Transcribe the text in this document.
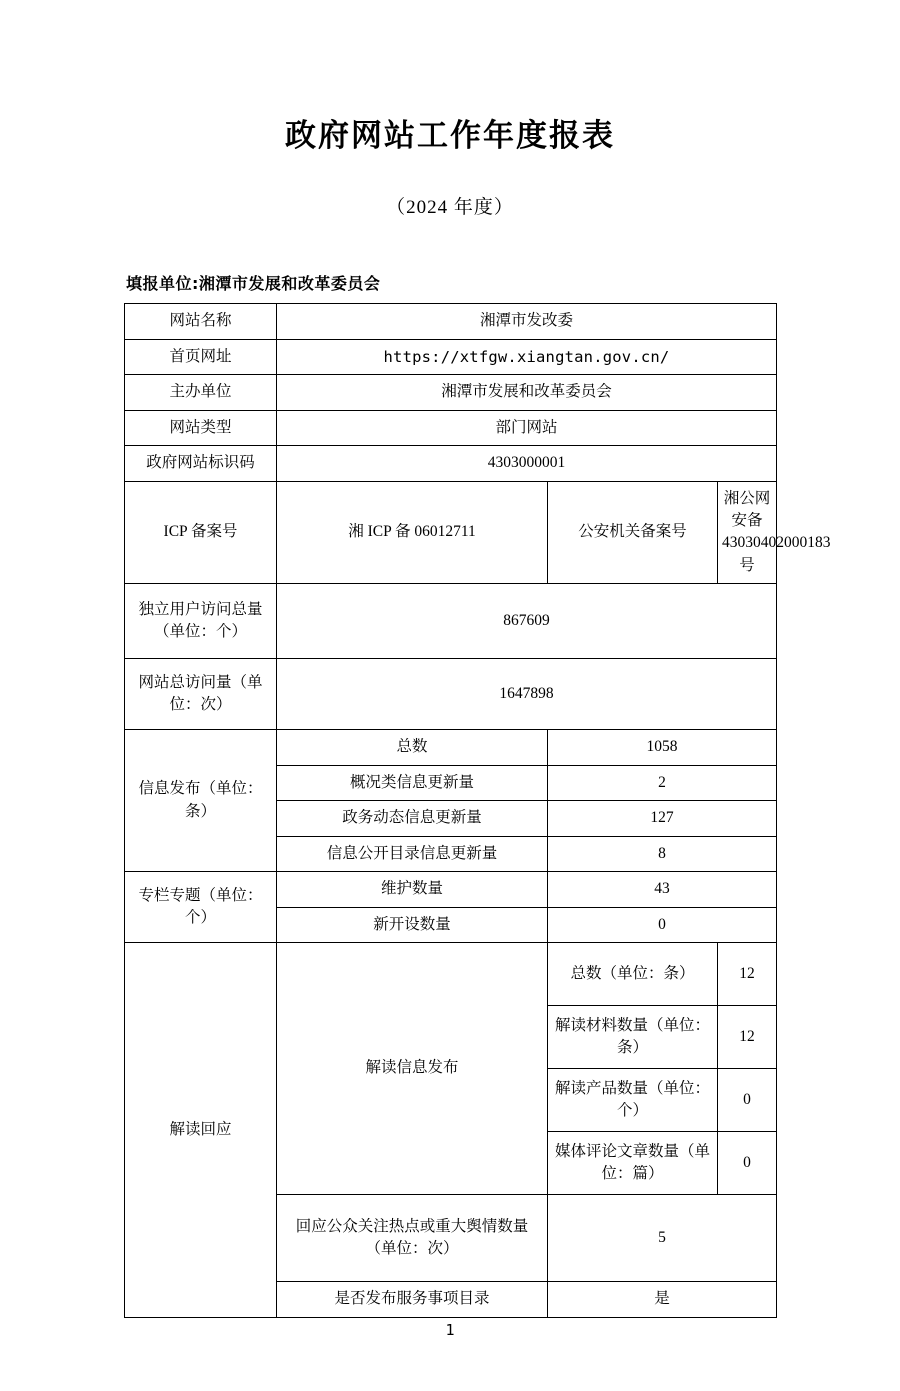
政府网站工作年度报表
（2024 年度）
填报单位:湘潭市发展和改革委员会
网站名称	湘潭市发改委		
首页网址	https://xtfgw.xiangtan.gov.cn/		
主办单位	湘潭市发展和改革委员会		
网站类型	部门网站		
政府网站标识码	4303000001		
ICP 备案号	湘 ICP 备 06012711	公安机关备案号	湘公网安备 43030402000183 号
独立用户访问总量（单位：个）	867609		
网站总访问量（单位：次）	1647898		
信息发布（单位：条）	总数	1058	
	概况类信息更新量	2	
	政务动态信息更新量	127	
	信息公开目录信息更新量	8	
专栏专题（单位：个）	维护数量	43	
	新开设数量	0	
解读回应	解读信息发布	总数（单位：条）	12
		解读材料数量（单位：条）	12
		解读产品数量（单位：个）	0
		媒体评论文章数量（单位：篇）	0
	回应公众关注热点或重大舆情数量（单位：次）	5	
	是否发布服务事项目录	是	
1
